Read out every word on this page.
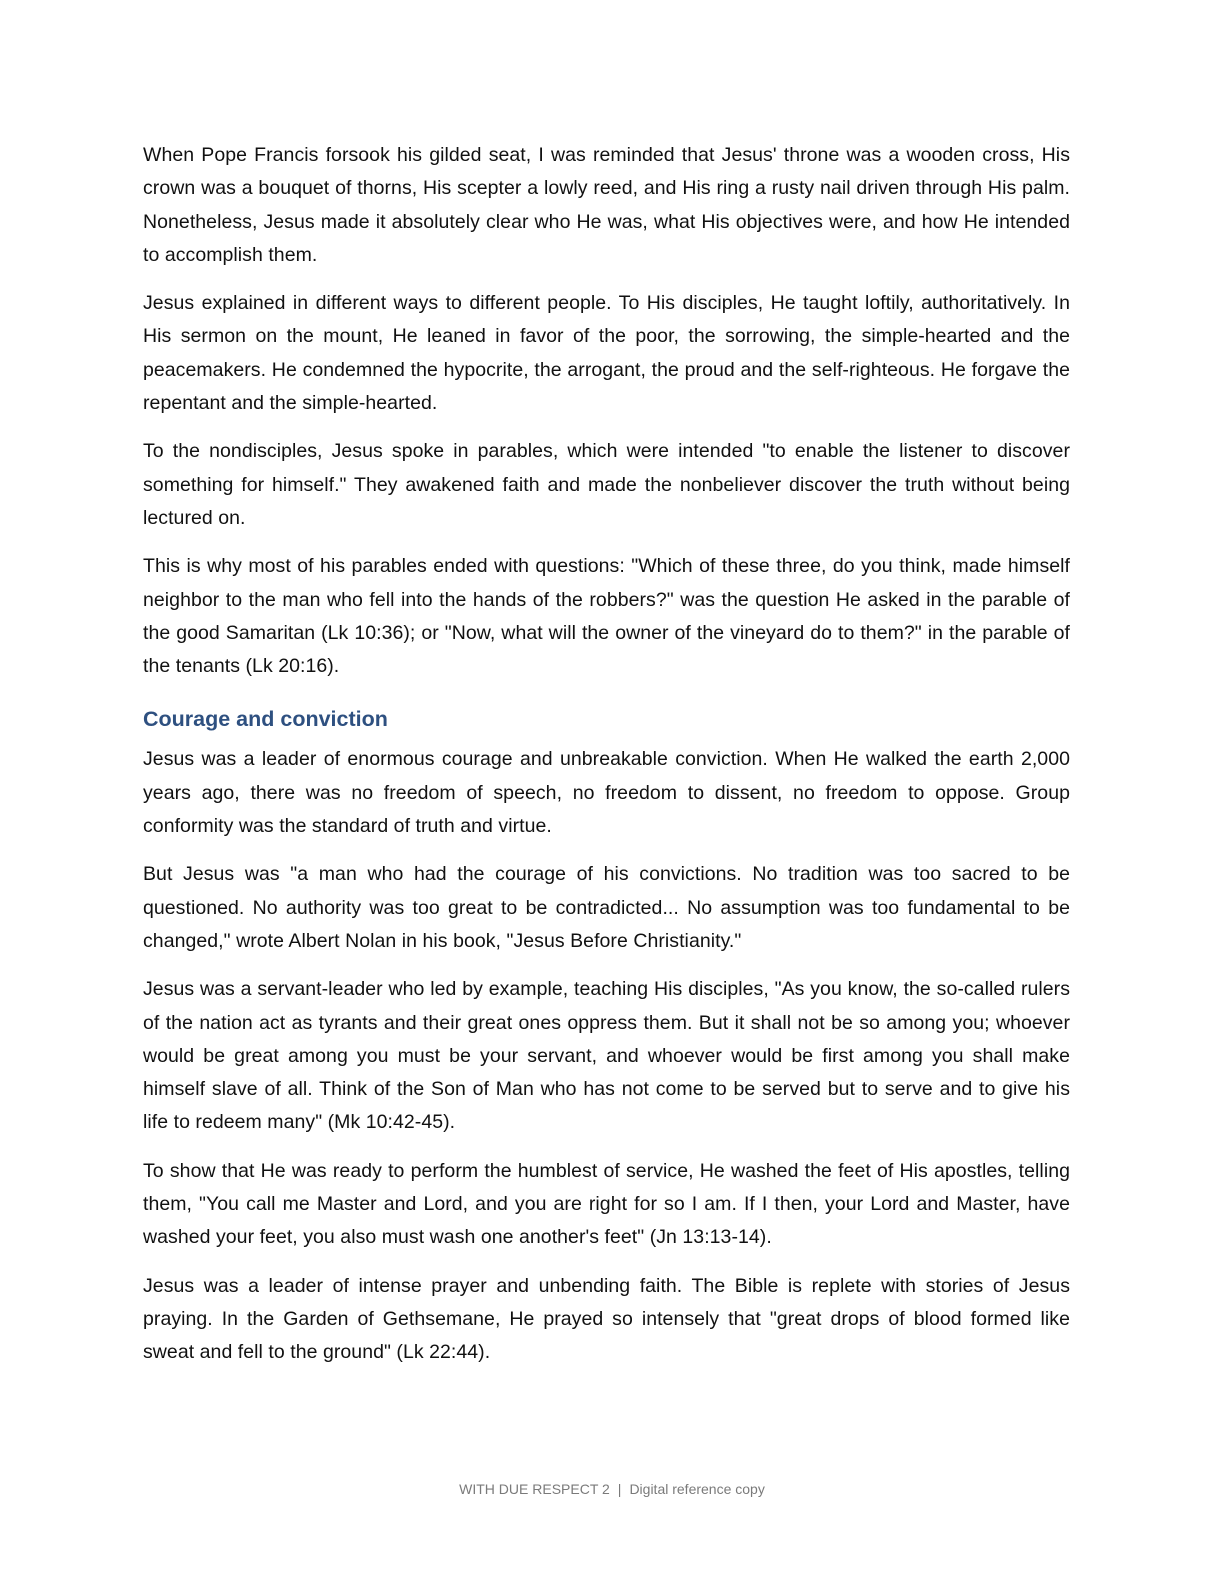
When Pope Francis forsook his gilded seat, I was reminded that Jesus' throne was a wooden cross, His crown was a bouquet of thorns, His scepter a lowly reed, and His ring a rusty nail driven through His palm. Nonetheless, Jesus made it absolutely clear who He was, what His objectives were, and how He intended to accomplish them.

Jesus explained in different ways to different people. To His disciples, He taught loftily, authoritatively. In His sermon on the mount, He leaned in favor of the poor, the sorrowing, the simple-hearted and the peacemakers. He condemned the hypocrite, the arrogant, the proud and the self-righteous. He forgave the repentant and the simple-hearted.

To the nondisciples, Jesus spoke in parables, which were intended "to enable the listener to discover something for himself." They awakened faith and made the nonbeliever discover the truth without being lectured on.

This is why most of his parables ended with questions: "Which of these three, do you think, made himself neighbor to the man who fell into the hands of the robbers?" was the question He asked in the parable of the good Samaritan (Lk 10:36); or "Now, what will the owner of the vineyard do to them?" in the parable of the tenants (Lk 20:16).

Courage and conviction

Jesus was a leader of enormous courage and unbreakable conviction. When He walked the earth 2,000 years ago, there was no freedom of speech, no freedom to dissent, no freedom to oppose. Group conformity was the standard of truth and virtue.

But Jesus was "a man who had the courage of his convictions. No tradition was too sacred to be questioned. No authority was too great to be contradicted... No assumption was too fundamental to be changed," wrote Albert Nolan in his book, "Jesus Before Christianity."

Jesus was a servant-leader who led by example, teaching His disciples, "As you know, the so-called rulers of the nation act as tyrants and their great ones oppress them. But it shall not be so among you; whoever would be great among you must be your servant, and whoever would be first among you shall make himself slave of all. Think of the Son of Man who has not come to be served but to serve and to give his life to redeem many" (Mk 10:42-45).

To show that He was ready to perform the humblest of service, He washed the feet of His apostles, telling them, "You call me Master and Lord, and you are right for so I am. If I then, your Lord and Master, have washed your feet, you also must wash one another's feet" (Jn 13:13-14).

Jesus was a leader of intense prayer and unbending faith. The Bible is replete with stories of Jesus praying. In the Garden of Gethsemane, He prayed so intensely that "great drops of blood formed like sweat and fell to the ground" (Lk 22:44).

WITH DUE RESPECT 2 | Digital reference copy
